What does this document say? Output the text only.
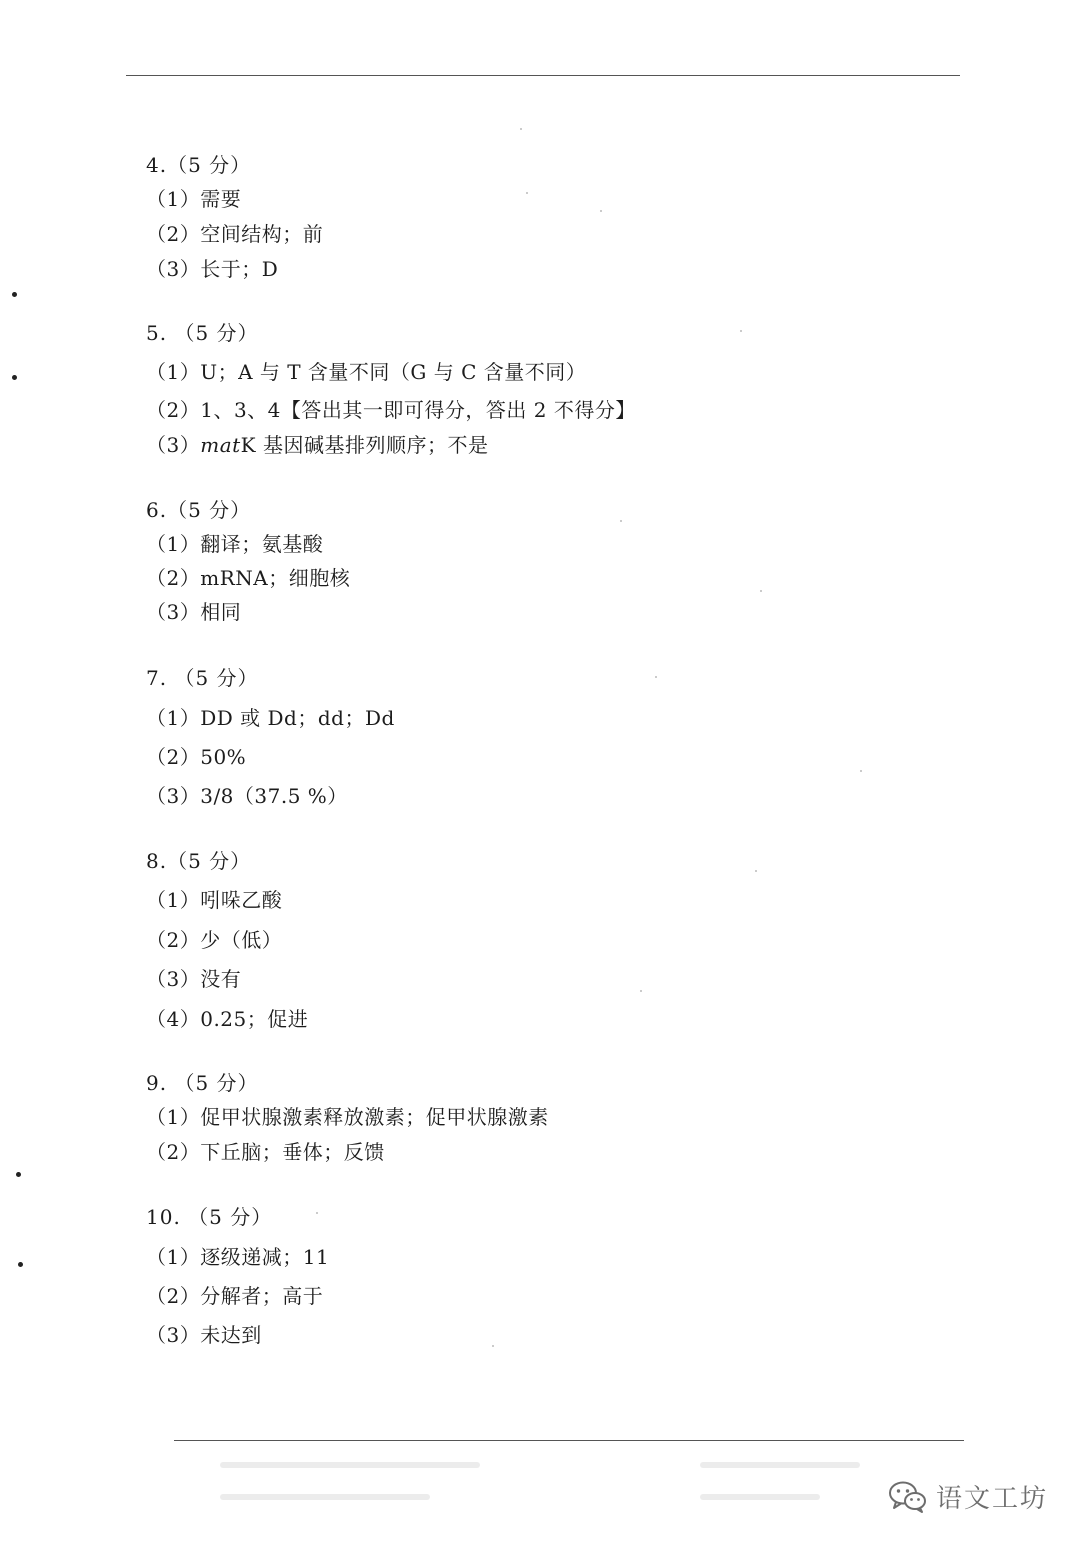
4.（5 分）
（1）需要
（2）空间结构；前
（3）长于；D
5. （5 分）
（1）U；A 与 T 含量不同（G 与 C 含量不同）
（2）1、3、4【答出其一即可得分，答出 2 不得分】
（3）matK 基因碱基排列顺序；不是
6.（5 分）
（1）翻译；氨基酸
（2）mRNA；细胞核
（3）相同
7. （5 分）
（1）DD 或 Dd；dd；Dd
（2）50%
（3）3/8（37.5 %）
8.（5 分）
（1）吲哚乙酸
（2）少（低）
（3）没有
（4）0.25；促进
9. （5 分）
（1）促甲状腺激素释放激素；促甲状腺激素
（2）下丘脑；垂体；反馈
10. （5 分）
（1）逐级递减；11
（2）分解者；高于
（3）未达到
语文工坊
